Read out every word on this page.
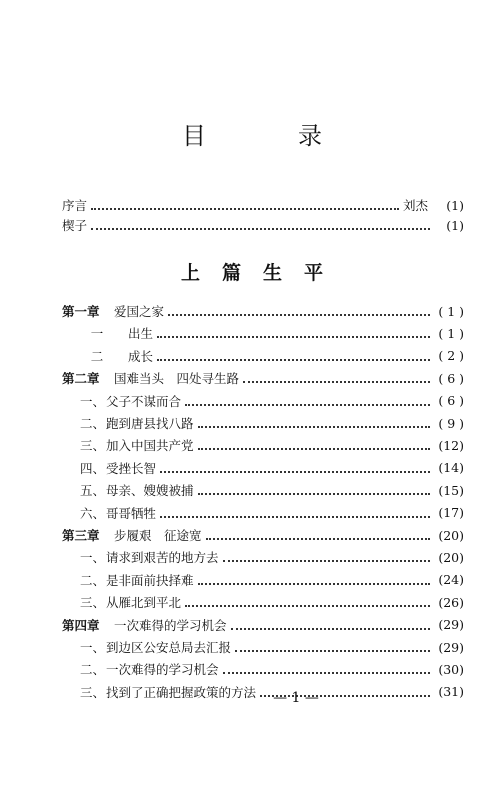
目　录
序言	刘杰	(1)
楔子	(1)
上篇生平
第一章	爱国之家	( 1 )
一	出生	( 1 )
二	成长	( 2 )
第二章	国难当头　四处寻生路	( 6 )
一、 父子不谋而合	( 6 )
二、 跑到唐县找八路	( 9 )
三、 加入中国共产党	(12)
四、 受挫长智	(14)
五、 母亲、嫂嫂被捕	(15)
六、 哥哥牺牲	(17)
第三章	步履艰　征途宽	(20)
一、 请求到艰苦的地方去	(20)
二、 是非面前抉择难	(24)
三、 从雁北到平北	(26)
第四章	一次难得的学习机会	(29)
一、 到边区公安总局去汇报	(29)
二、 一次难得的学习机会	(30)
三、 找到了正确把握政策的方法	(31)
— 1 —
